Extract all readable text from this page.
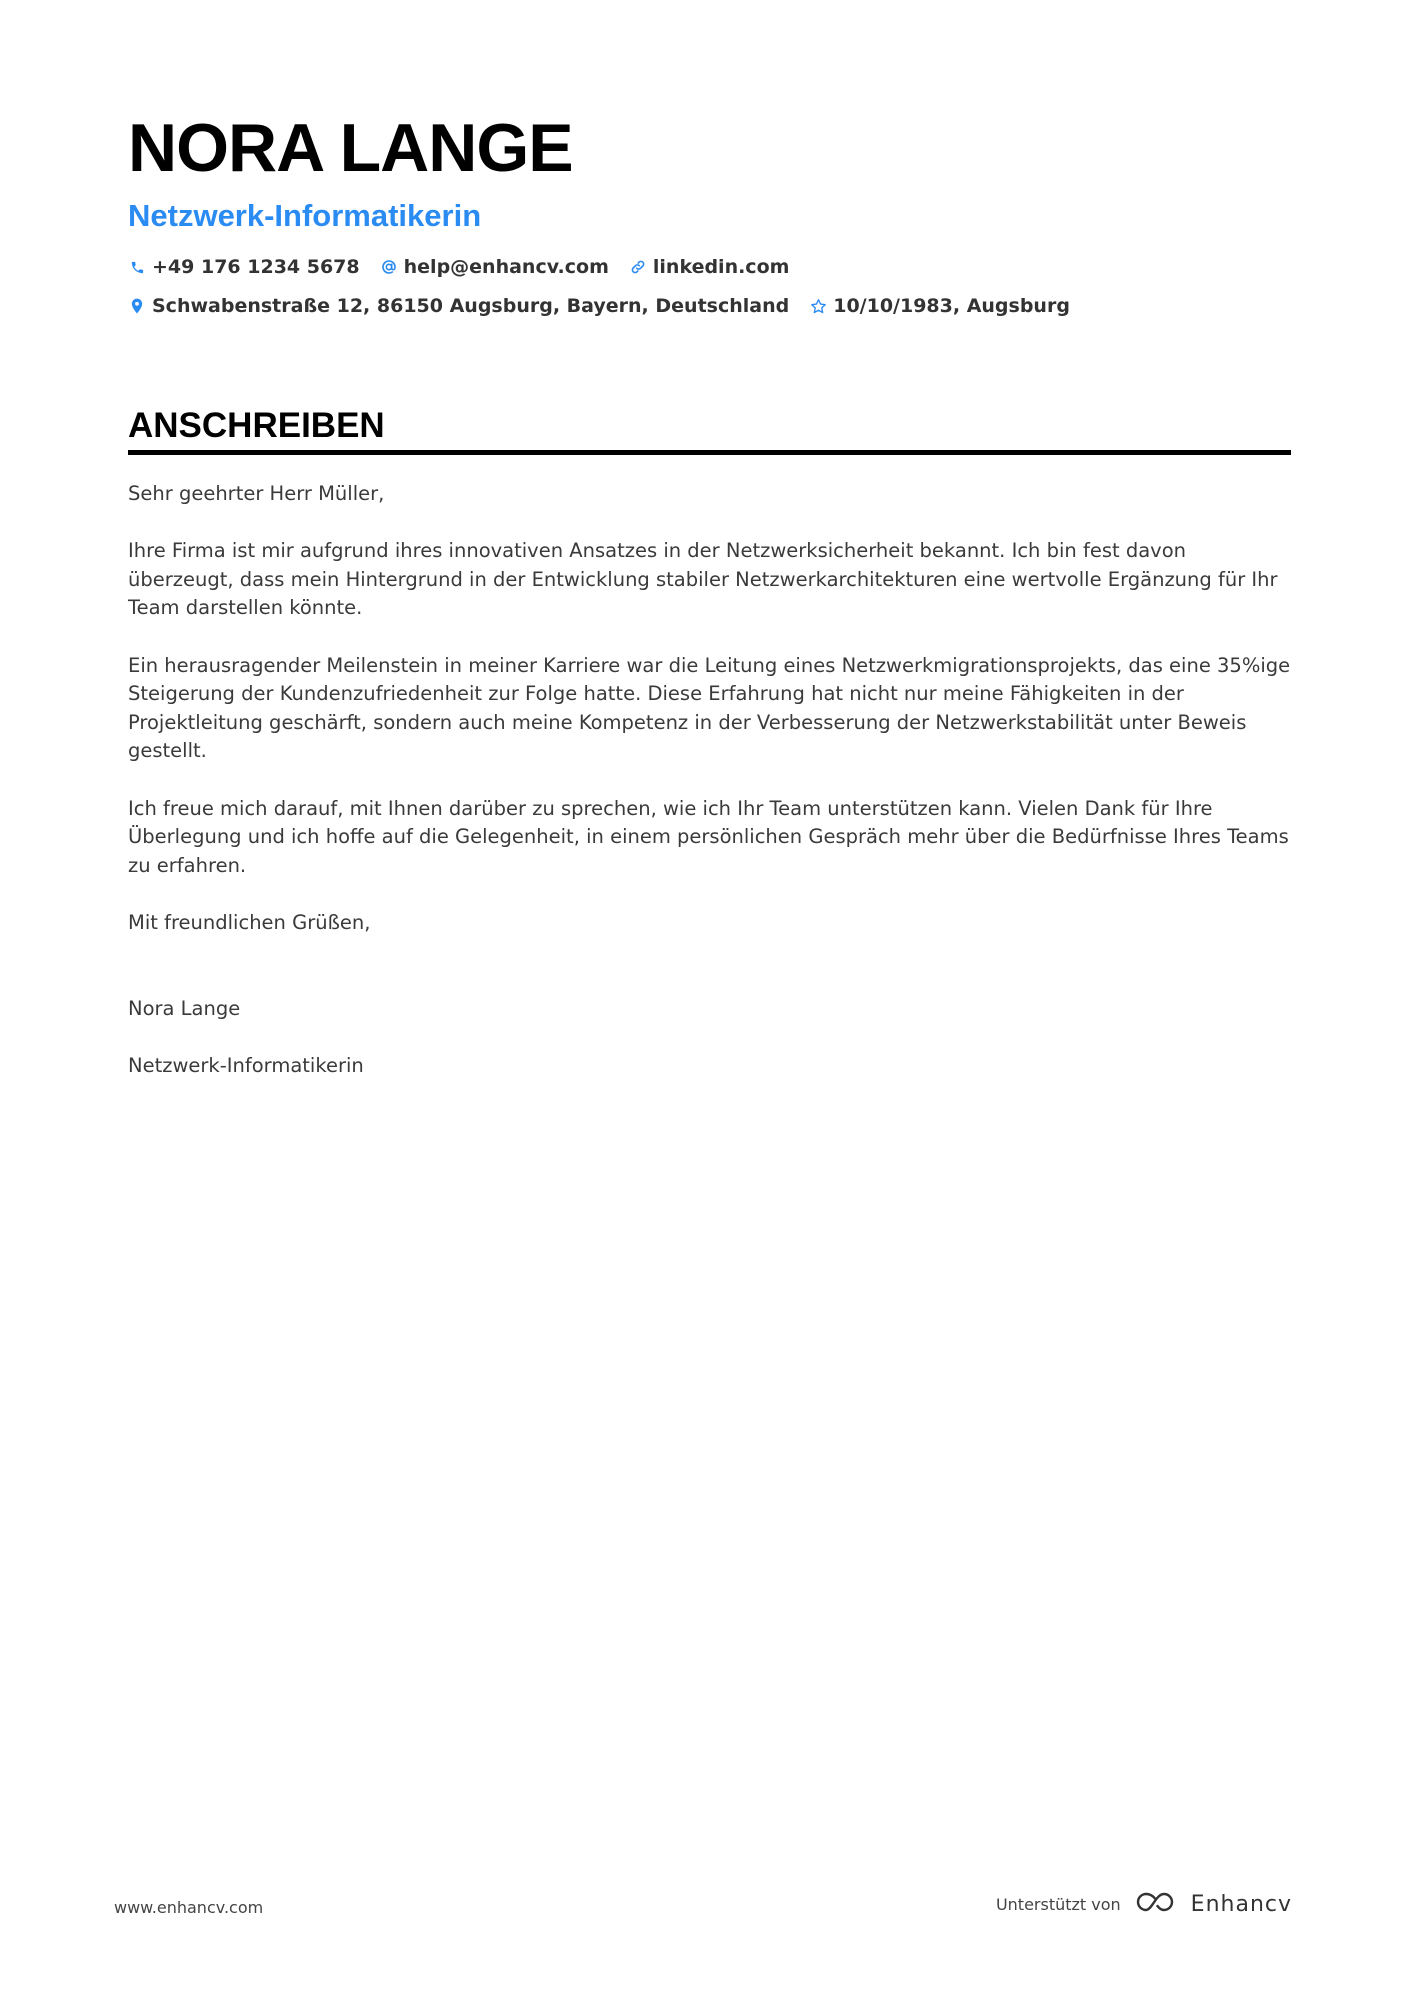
NORA LANGE
Netzwerk-Informatikerin
+49 176 1234 5678 help@enhancv.com linkedin.com
Schwabenstraße 12, 86150 Augsburg, Bayern, Deutschland 10/10/1983, Augsburg
ANSCHREIBEN

Sehr geehrter Herr Müller,

Ihre Firma ist mir aufgrund ihres innovativen Ansatzes in der Netzwerksicherheit bekannt. Ich bin fest davon überzeugt, dass mein Hintergrund in der Entwicklung stabiler Netzwerkarchitekturen eine wertvolle Ergänzung für Ihr Team darstellen könnte.

Ein herausragender Meilenstein in meiner Karriere war die Leitung eines Netzwerkmigrationsprojekts, das eine 35%ige Steigerung der Kundenzufriedenheit zur Folge hatte. Diese Erfahrung hat nicht nur meine Fähigkeiten in der Projektleitung geschärft, sondern auch meine Kompetenz in der Verbesserung der Netzwerkstabilität unter Beweis gestellt.

Ich freue mich darauf, mit Ihnen darüber zu sprechen, wie ich Ihr Team unterstützen kann. Vielen Dank für Ihre Überlegung und ich hoffe auf die Gelegenheit, in einem persönlichen Gespräch mehr über die Bedürfnisse Ihres Teams zu erfahren.

Mit freundlichen Grüßen,

Nora Lange

Netzwerk-Informatikerin

www.enhancv.com	Unterstützt von	Enhancv
